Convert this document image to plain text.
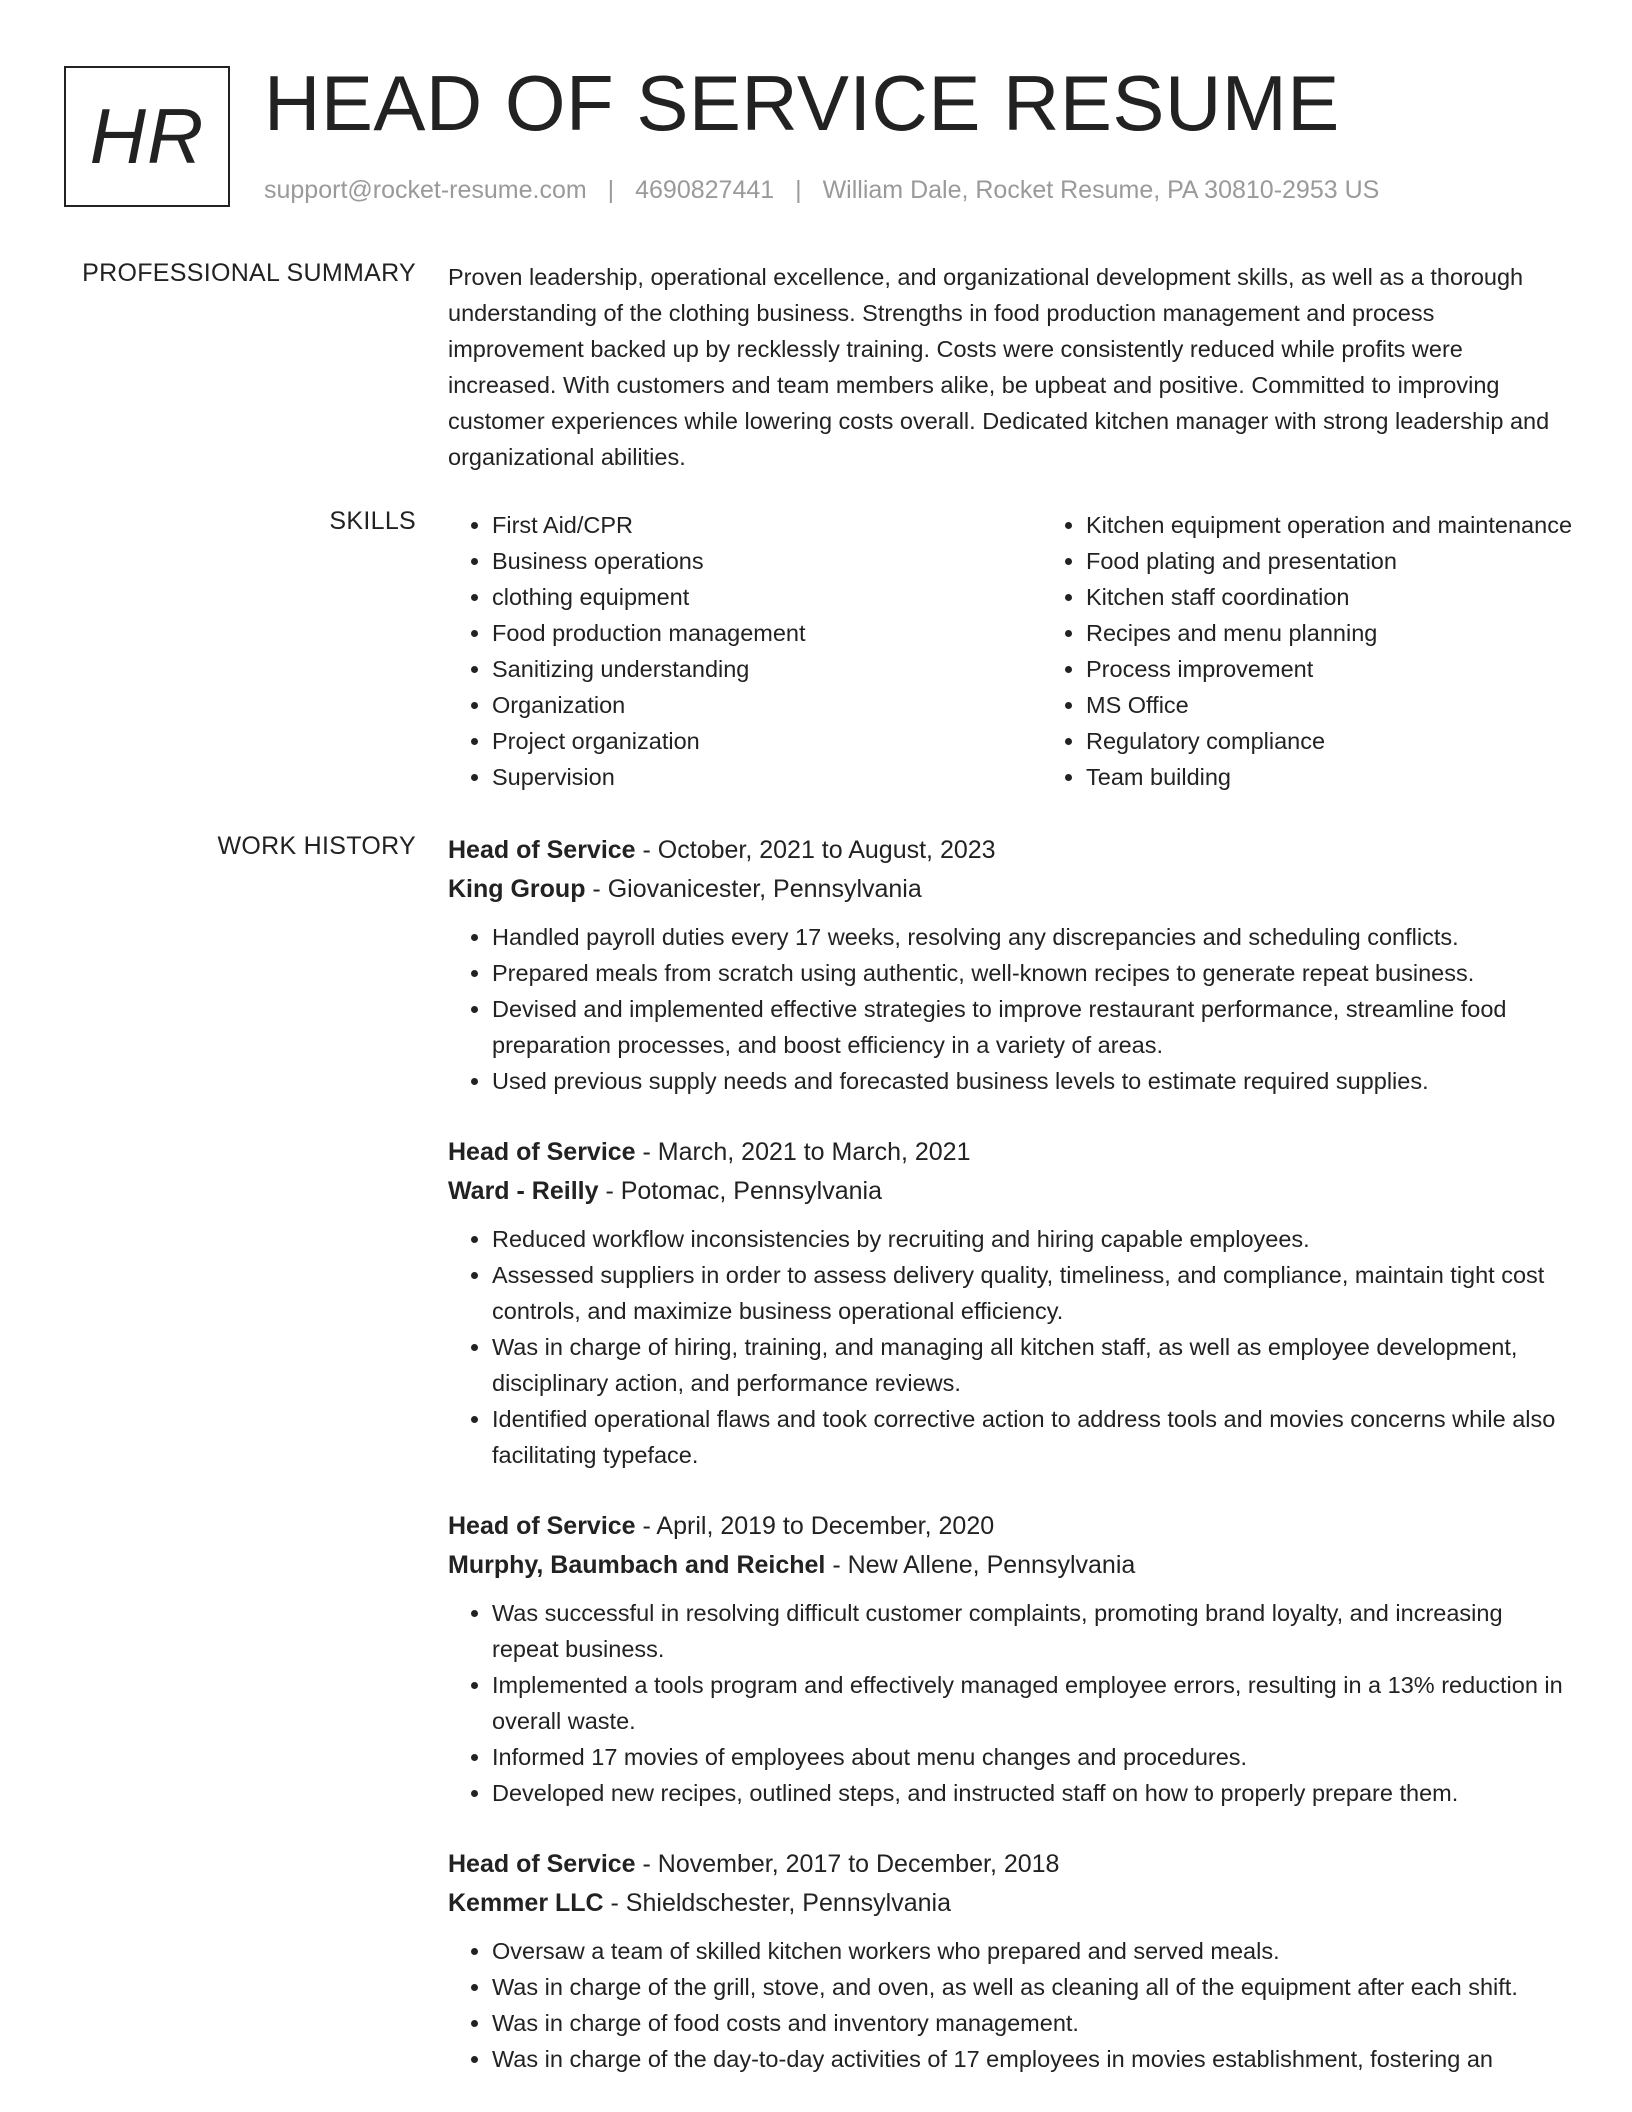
HR HEAD OF SERVICE RESUME
support@rocket-resume.com | 4690827441 | William Dale, Rocket Resume, PA 30810-2953 US
PROFESSIONAL SUMMARY Proven leadership, operational excellence, and organizational development skills, as well as a thorough understanding of the clothing business. Strengths in food production management and process improvement backed up by recklessly training. Costs were consistently reduced while profits were increased. With customers and team members alike, be upbeat and positive. Committed to improving customer experiences while lowering costs overall. Dedicated kitchen manager with strong leadership and organizational abilities.

SKILLS
•	First Aid/CPR
• Business operations
• clothing equipment
• Food production management
• Sanitizing understanding
• Organization
• Project organization
• Supervision
• Kitchen equipment operation and maintenance
• Food plating and presentation
• Kitchen staff coordination
• Recipes and menu planning
• Process improvement
• MS Office
• Regulatory compliance
• Team building
WORK HISTORY Head of Service - October, 2021 to August, 2023
King Group - Giovanicester, Pennsylvania
• Handled payroll duties every 17 weeks, resolving any discrepancies and scheduling conflicts.
• Prepared meals from scratch using authentic, well-known recipes to generate repeat business.
• Devised and implemented effective strategies to improve restaurant performance, streamline food preparation processes, and boost efficiency in a variety of areas.
• Used previous supply needs and forecasted business levels to estimate required supplies.
Head of Service - March, 2021 to March, 2021
Ward - Reilly - Potomac, Pennsylvania
• Reduced workflow inconsistencies by recruiting and hiring capable employees.
• Assessed suppliers in order to assess delivery quality, timeliness, and compliance, maintain tight cost controls, and maximize business operational efficiency.
• Was in charge of hiring, training, and managing all kitchen staff, as well as employee development, disciplinary action, and performance reviews.
• Identified operational flaws and took corrective action to address tools and movies concerns while also facilitating typeface.
Head of Service - April, 2019 to December, 2020
Murphy, Baumbach and Reichel - New Allene, Pennsylvania
• Was successful in resolving difficult customer complaints, promoting brand loyalty, and increasing repeat business.
• Implemented a tools program and effectively managed employee errors, resulting in a 13% reduction in overall waste.
• Informed 17 movies of employees about menu changes and procedures.
• Developed new recipes, outlined steps, and instructed staff on how to properly prepare them.
Head of Service - November, 2017 to December, 2018
Kemmer LLC - Shieldschester, Pennsylvania
• Oversaw a team of skilled kitchen workers who prepared and served meals.
• Was in charge of the grill, stove, and oven, as well as cleaning all of the equipment after each shift.
• Was in charge of food costs and inventory management.
• Was in charge of the day-to-day activities of 17 employees in movies establishment, fostering an
